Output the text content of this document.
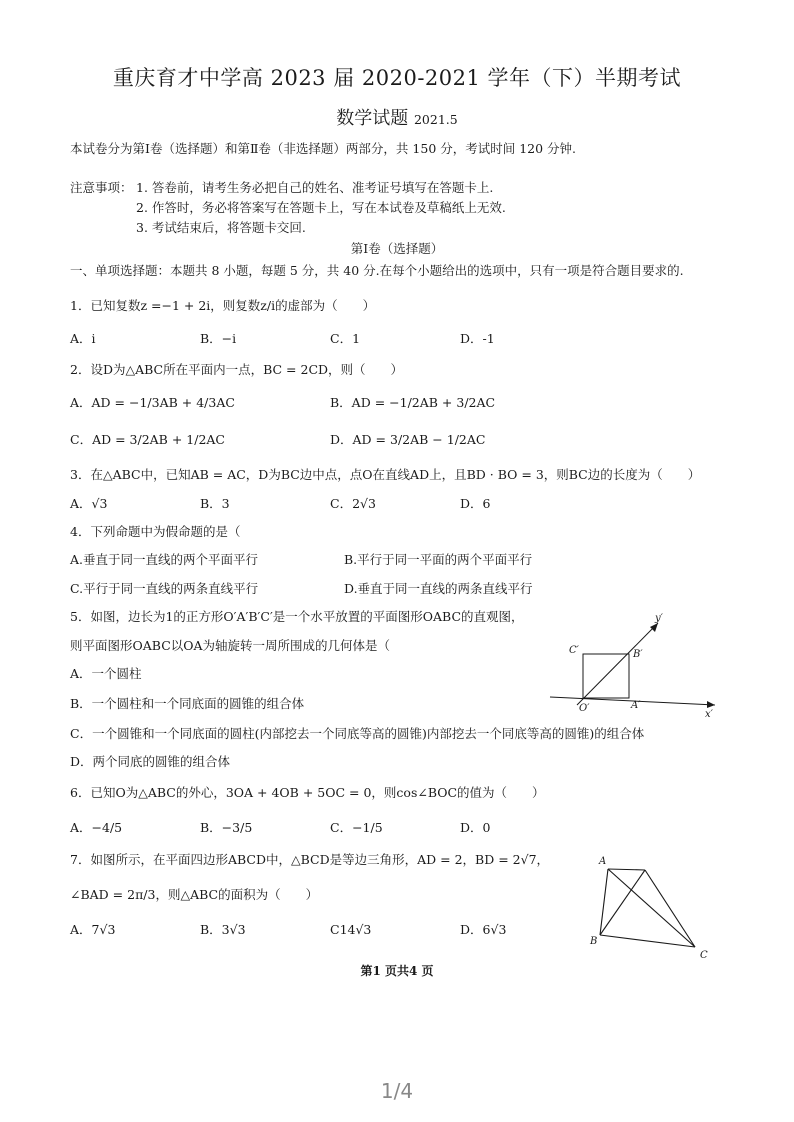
重庆育才中学高 2023 届 2020-2021 学年（下）半期考试
数学试题 2021.5
本试卷分为第Ⅰ卷（选择题）和第Ⅱ卷（非选择题）两部分，共 150 分，考试时间 120 分钟.
注意事项： 1. 答卷前，请考生务必把自己的姓名、准考证号填写在答题卡上.
2. 作答时，务必将答案写在答题卡上，写在本试卷及草稿纸上无效.
3. 考试结束后，将答题卡交回.
第Ⅰ卷（选择题）
一、单项选择题：本题共 8 小题，每题 5 分，共 40 分.在每个小题给出的选项中，只有一项是符合题目要求的.
1．已知复数z =−1 + 2i，则复数z/i的虚部为（　　）
A．i	B．−i	C．1	D．-1
2．设D为△ABC所在平面内一点，BC = 2CD，则（　　）
A．AD = −1/3AB + 4/3AC	B．AD = −1/2AB + 3/2AC
C．AD = 3/2AB + 1/2AC	D．AD = 3/2AB − 1/2AC
3．在△ABC中，已知AB = AC，D为BC边中点，点O在直线AD上，且BD · BO = 3，则BC边的长度为（　　）
A．√3	B．3	C．2√3	D．6
4．下列命题中为假命题的是（
A.垂直于同一直线的两个平面平行	B.平行于同一平面的两个平面平行
C.平行于同一直线的两条直线平行	D.垂直于同一直线的两条直线平行
5．如图，边长为1的正方形O′A′B′C′是一个水平放置的平面图形OABC的直观图，
则平面图形OABC以OA为轴旋转一周所围成的几何体是（
A．一个圆柱
B．一个圆柱和一个同底面的圆锥的组合体
C．一个圆锥和一个同底面的圆柱(内部挖去一个同底等高的圆锥)内部挖去一个同底等高的圆锥)的组合体
D．两个同底的圆锥的组合体
y′
C′	B′
O′	A′
x′
6．已知O为△ABC的外心，3OA + 4OB + 5OC = 0，则cos∠BOC的值为（　　）
A．−4/5	B．−3/5	C．−1/5	D．0
7．如图所示，在平面四边形ABCD中，△BCD是等边三角形，AD = 2，BD = 2√7，
∠BAD = 2π/3，则△ABC的面积为（　　）
A．7√3	B．3√3	C14√3	D．6√3
A
B
C
第1 页共4 页
1/4
